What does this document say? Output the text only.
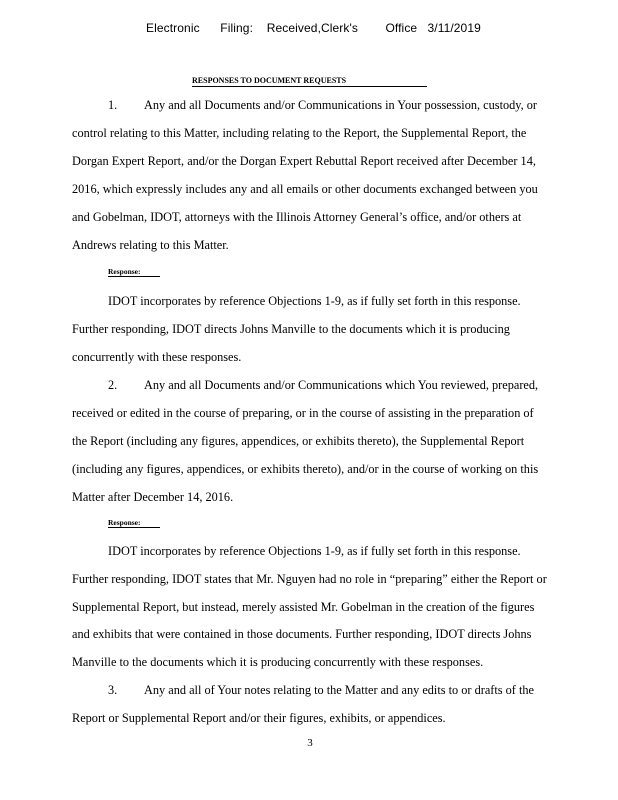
Electronic      Filing:    Received,Clerk's        Office   3/11/2019
RESPONSES TO DOCUMENT REQUESTS
1. Any and all Documents and/or Communications in Your possession, custody, or
control relating to this Matter, including relating to the Report, the Supplemental Report, the
Dorgan Expert Report, and/or the Dorgan Expert Rebuttal Report received after December 14,
2016, which expressly includes any and all emails or other documents exchanged between you
and Gobelman, IDOT, attorneys with the Illinois Attorney General’s office, and/or others at
Andrews relating to this Matter.
Response:
IDOT incorporates by reference Objections 1-9, as if fully set forth in this response.
Further responding, IDOT directs Johns Manville to the documents which it is producing
concurrently with these responses.
2. Any and all Documents and/or Communications which You reviewed, prepared,
received or edited in the course of preparing, or in the course of assisting in the preparation of
the Report (including any figures, appendices, or exhibits thereto), the Supplemental Report
(including any figures, appendices, or exhibits thereto), and/or in the course of working on this
Matter after December 14, 2016.
Response:
IDOT incorporates by reference Objections 1-9, as if fully set forth in this response.
Further responding, IDOT states that Mr. Nguyen had no role in “preparing” either the Report or
Supplemental Report, but instead, merely assisted Mr. Gobelman in the creation of the figures
and exhibits that were contained in those documents. Further responding, IDOT directs Johns
Manville to the documents which it is producing concurrently with these responses.
3. Any and all of Your notes relating to the Matter and any edits to or drafts of the
Report or Supplemental Report and/or their figures, exhibits, or appendices.
3
